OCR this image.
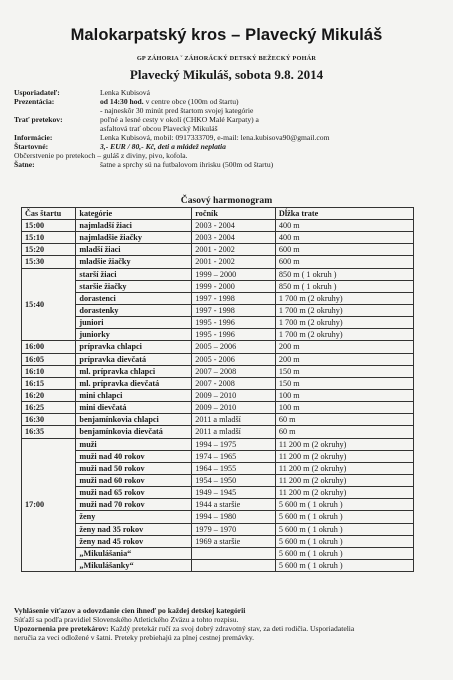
Malokarpatský kros – Plavecký Mikuláš
GP ZÁHORIA ˇ ZÁHORÁCKÝ DETSKÝ BEŽECKÝ POHÁR
Plavecký Mikuláš, sobota 9.8. 2014
Usporiadateľ:	Lenka Kubisová
Prezentácia:	od 14:30 hod. v centre obce (100m od štartu)
- najneskôr 30 minút pred štartom svojej kategórie
Trať pretekov:	poľné a lesné cesty v okolí (CHKO Malé Karpaty) a
asfaltová trať obcou Plavecký Mikuláš
Informácie:	Lenka Kubisová, mobil: 0917333709, e-mail: lena.kubisova90@gmail.com
Štartovné:	3,- EUR / 80,- Kč, deti a mládež neplatia
Občerstvenie po pretekoch – guláš z diviny, pivo, kofola.
Šatne:	šatne a sprchy sú na futbalovom ihrisku (500m od štartu)
Časový harmonogram
Čas štartu	kategórie	ročník	Dĺžka trate
15:00	najmladší žiaci	2003 - 2004	400 m
15:10	najmladšie žiačky	2003 - 2004	400 m
15:20	mladší žiaci	2001 - 2002	600 m
15:30	mladšie žiačky	2001 - 2002	600 m
15:40	starší žiaci	1999 – 2000	850 m ( 1 okruh )
	staršie žiačky	1999 - 2000	850 m ( 1 okruh )
	dorastenci	1997 - 1998	1 700 m (2 okruhy)
	dorastenky	1997 - 1998	1 700 m (2 okruhy)
	juniori	1995 - 1996	1 700 m (2 okruhy)
	juniorky	1995 - 1996	1 700 m (2 okruhy)
16:00	prípravka chlapci	2005 – 2006	200 m
16:05	prípravka dievčatá	2005 - 2006	200 m
16:10	ml. prípravka chlapci	2007 – 2008	150 m
16:15	ml. prípravka dievčatá	2007 - 2008	150 m
16:20	mini chlapci	2009 – 2010	100 m
16:25	mini dievčatá	2009 – 2010	100 m
16:30	benjamínkovia chlapci	2011 a mladší	60 m
16:35	benjamínkovia dievčatá	2011 a mladší	60 m
17:00	muži	1994 – 1975	11 200 m (2 okruhy)
	muži nad 40 rokov	1974 – 1965	11 200 m (2 okruhy)
	muži nad 50 rokov	1964 – 1955	11 200 m (2 okruhy)
	muži nad 60 rokov	1954 – 1950	11 200 m (2 okruhy)
	muži nad 65 rokov	1949 – 1945	11 200 m (2 okruhy)
	muži nad 70 rokov	1944 a staršie	5 600 m ( 1 okruh )
	ženy	1994 – 1980	5 600 m ( 1 okruh )
	ženy nad 35 rokov	1979 – 1970	5 600 m ( 1 okruh )
	ženy nad 45 rokov	1969 a staršie	5 600 m ( 1 okruh )
	„Mikulášania“		5 600 m ( 1 okruh )
	„Mikulášanky“		5 600 m ( 1 okruh )
Vyhlásenie víťazov a odovzdanie cien ihneď po každej detskej kategórii
Súťaží sa podľa pravidiel Slovenského Atletického Zväzu a tohto rozpisu.
Upozornenia pre pretekárov: Každý pretekár ručí za svoj dobrý zdravotný stav, za deti rodičia. Usporiadatelia
neručia za veci odložené v šatni. Preteky prebiehajú za plnej cestnej premávky.
